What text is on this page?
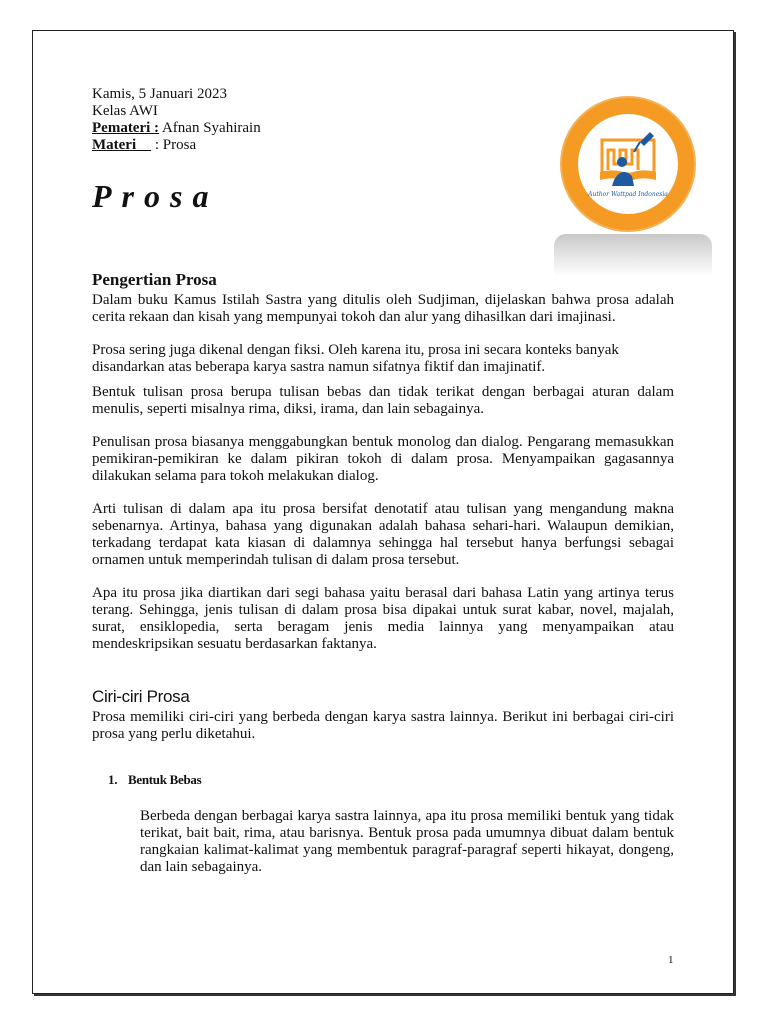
Kamis, 5 Januari 2023
Kelas AWI
Pemateri : Afnan Syahirain
Materi     : Prosa
Prosa	Author Wattpad Indonesia
Pengertian Prosa

Dalam buku Kamus Istilah Sastra yang ditulis oleh Sudjiman, dijelaskan bahwa prosa adalah cerita rekaan dan kisah yang mempunyai tokoh dan alur yang dihasilkan dari imajinasi.

Prosa sering juga dikenal dengan fiksi. Oleh karena itu, prosa ini secara konteks banyak disandarkan atas beberapa karya sastra namun sifatnya fiktif dan imajinatif.

Bentuk tulisan prosa berupa tulisan bebas dan tidak terikat dengan berbagai aturan dalam menulis, seperti misalnya rima, diksi, irama, dan lain sebagainya.

Penulisan prosa biasanya menggabungkan bentuk monolog dan dialog. Pengarang memasukkan pemikiran-pemikiran ke dalam pikiran tokoh di dalam prosa. Menyampaikan gagasannya dilakukan selama para tokoh melakukan dialog.

Arti tulisan di dalam apa itu prosa bersifat denotatif atau tulisan yang mengandung makna sebenarnya. Artinya, bahasa yang digunakan adalah bahasa sehari-hari. Walaupun demikian, terkadang terdapat kata kiasan di dalamnya sehingga hal tersebut hanya berfungsi sebagai ornamen untuk memperindah tulisan di dalam prosa tersebut.

Apa itu prosa jika diartikan dari segi bahasa yaitu berasal dari bahasa Latin yang artinya terus terang. Sehingga, jenis tulisan di dalam prosa bisa dipakai untuk surat kabar, novel, majalah, surat, ensiklopedia, serta beragam jenis media lainnya yang menyampaikan atau mendeskripsikan sesuatu berdasarkan faktanya.

Ciri-ciri Prosa

Prosa memiliki ciri-ciri yang berbeda dengan karya sastra lainnya. Berikut ini berbagai ciri-ciri prosa yang perlu diketahui.

1. Bentuk Bebas

Berbeda dengan berbagai karya sastra lainnya, apa itu prosa memiliki bentuk yang tidak terikat, bait bait, rima, atau barisnya. Bentuk prosa pada umumnya dibuat dalam bentuk rangkaian kalimat-kalimat yang membentuk paragraf-paragraf seperti hikayat, dongeng, dan lain sebagainya.

1
